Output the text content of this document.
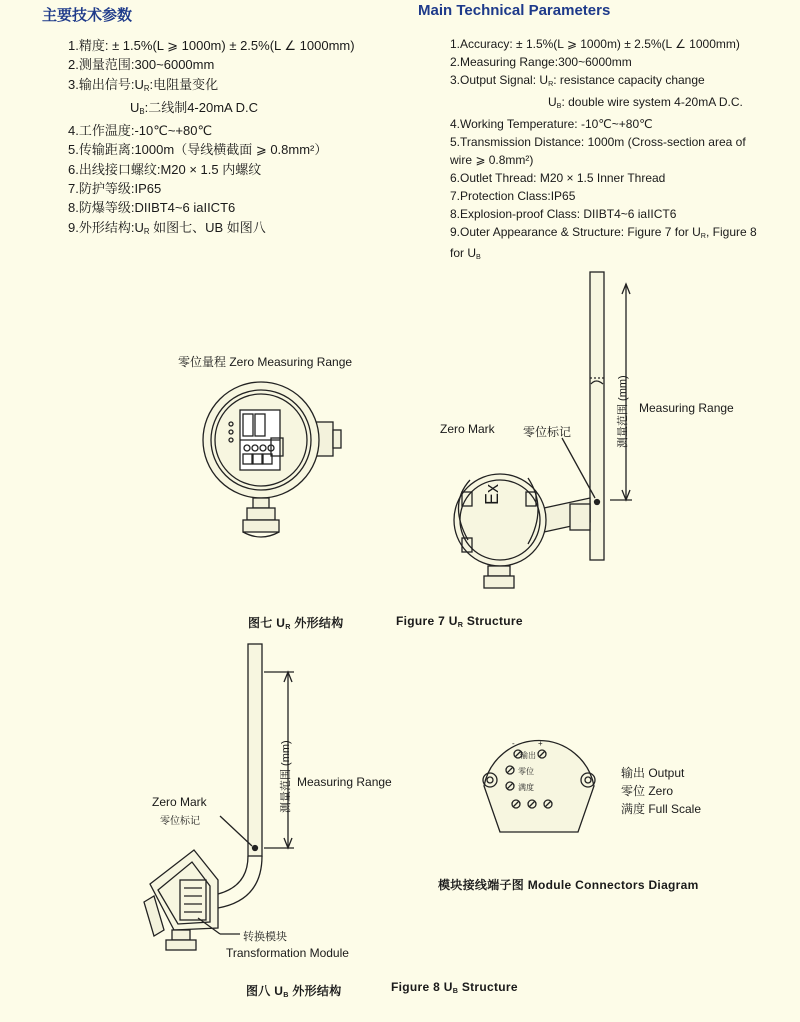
主要技术参数	Main Technical Parameters
1.精度: ± 1.5%(L ⩾ 1000m) ± 2.5%(L ∠ 1000mm)
2.测量范围:300~6000mm
3.输出信号$:U_R$:电阻量变化
$U_B$:二线制4-20mA D.C
4.工作温度:-10℃~+80℃
5.传输距离:1000m（导线横截面 ⩾ 0.8mm²）
6.出线接口螺纹:M20 × 1.5 内螺纹
7.防护等级:IP65
8.防爆等级:DIIBT4~6 iaIICT6
9.外形结构$:U_R$ 如图七、UB 如图八
1.Accuracy: ± 1.5%(L ⩾ 1000m) ± 2.5%(L ∠ 1000mm)
2.Measuring Range:300~6000mm
3.Output Signal: $U_R$: resistance capacity change
$U_B$: double wire system 4-20mA D.C.
4.Working Temperature: -10℃~+80℃
5.Transmission Distance: 1000m (Cross-section area of wire ⩾ 0.8mm²)
6.Outlet Thread: M20 × 1.5 Inner Thread
7.Protection Class:IP65
8.Explosion-proof Class: DIIBT4~6 iaIICT6
9.Outer Appearance & Structure: Figure 7 for $U_R$, Figure 8 for $U_B$
零位量程 Zero Measuring Range
Ex
Zero Mark 零位标记	测量范围 (mm) Measuring Range
图七 $U_R$ 外形结构	Figure 7 $U_R$ Structure
Zero Mark
零位标记
测量范围 (mm) Measuring Range
转换模块
Transformation Module
图八 $U_B$ 外形结构	Figure 8 $U_B$ Structure
-	+
输出
零位
满度
输出 Output
零位 Zero
满度 Full Scale
模块接线端子图 Module Connectors Diagram
